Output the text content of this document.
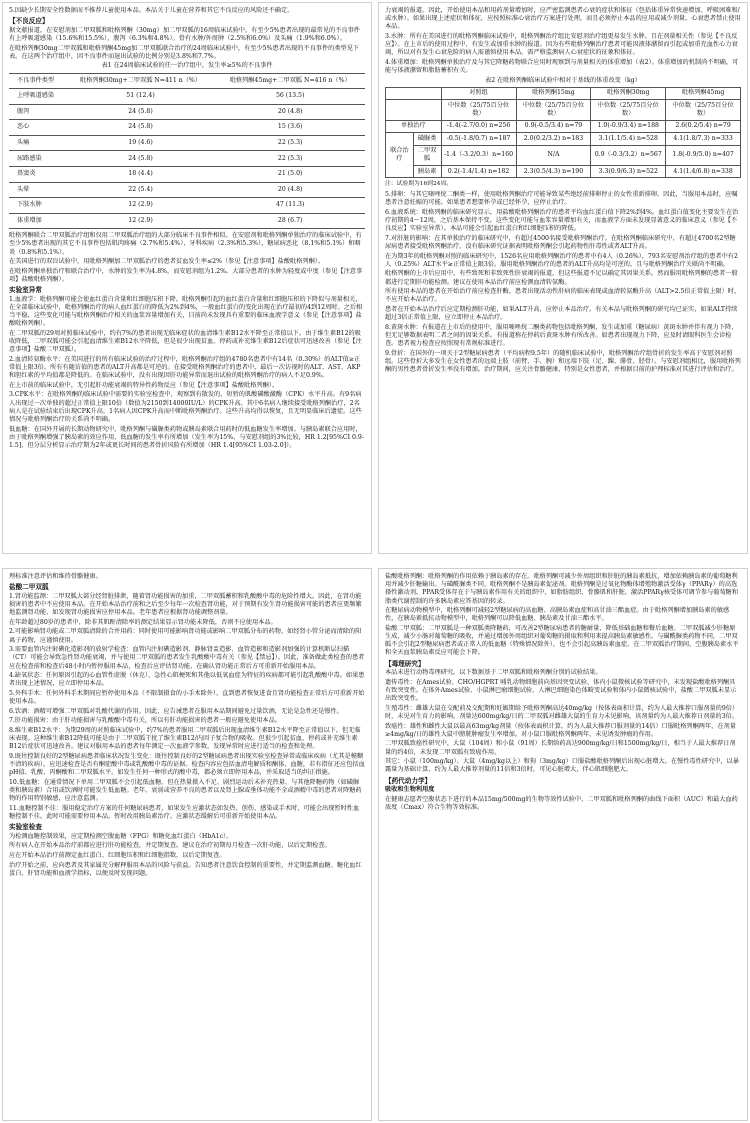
5.因缺少长期安全性数据而不推荐儿童使用本品。本品关于儿童在营养和其它不良反应的风险还不确定。

【不良反应】

据文献报道，在安慰剂加二甲双胍和吡格列酮（30mg）加二甲双胍的16周临床试验中，有至少5%患者出现的最常见的不良事件有上呼吸道感染（15.6%和15.5%），腹泻（6.3%和4.8%）。骨有水肿/外周肿（2.5%和6.0%）及头痛（1.9%和6.0%）。

在吡格列酮30mg二甲双胍和吡格列酮45mg加二甲双胍联合治疗的24周临床试验中，有至少5%患者出现的不良事件的类型见下表。在这两个治疗组中，因不良事件而退出试验的比例分别是3.8%和7.7%。

表1 在24周临床试验的任一治疗组中，发生率≥5%的不良事件

不良事件类型	吡格列酮30mg+二甲双胍 N=411 n（%）	吡格列酮45mg+二甲双胍 N=416 n（%）
上呼吸道感染	51 (12.4)	56 (13.5)
腹泻	24 (5.8)	20 (4.8)
恶心	24 (5.8)	15 (3.6)
头痛	19 (4.6)	22 (5.3)
尿路感染	24 (5.8)	22 (5.3)
鼻窦炎	18 (4.4)	21 (5.0)
头晕	22 (5.4)	20 (4.8)
下肢水肿	12 (2.9)	47 (11.3)
体重增加	12 (2.9)	28 (6.7)

吡格列酮联合二甲双胍治疗组和仅用二甲双胍治疗组的大部分临床不良事件相似。在安慰剂和吡格列酮单独治疗的临床试验中，有至少5%患者出现的其它不良事件包括肌肉疼痛（2.7%和5.4%），牙科疾病（2.3%和5.3%），糖尿病恶化（8.1%和5.1%）和咽炎（0.8%和5.1%）。

在美国进行的双盲试验中，用吡格列酮加二甲双胍治疗的患者贫血发生率≤2%（参见【注意事项】盐酸吡格列酮）。

在吡格列酮单独治疗和联合治疗中，水肿的发生率为4.8%，而安慰剂组为1.2%。大部分患者的水肿为轻度或中度（参见【注意事项】盐酸吡格列酮）。

实验室异常

1.血液学：吡格列酮可能会使血红蛋白含量和红细胞压积下降。吡格列酮引起的血红蛋白含量和红细胞压积的下降似与剂量相关，在全部临床试验中，吡格列酮治疗的病人血红蛋白的降低为2%到4%，一般血红蛋白的变化出现在治疗最初的4到12周时。之后相当平稳，这些变化可能与吡格列酮治疗相关的血浆容量增加有关，目前尚未发现具有重要的临床血液学意义（参见【注意事项】盐酸吡格列酮）。

在二甲双胍的29周对照临床试验中，约有7%的患者出现无临床症状的血清维生素B12水平降至正常值以下。由于维生素B12的吸收降低，二甲双胍可能会引起血清维生素B12水平降低，但是很少出现贫血。停药或补充维生素B12后症状可迅速改善（参见【注意事项】盐酸二甲双胍）。

2.血清转氨酶水平：在美国进行的所有临床试验的治疗过程中，吡格列酮治疗组的4780名患者中有14名（0.30%）的ALT值≥正常值上限3倍。所有有随访值的患者的ALT升高都是可逆的。在接受吡格列酮治疗的患者中，最后一次访视时的ALT、AST、AKP和胆红素的平均值都是降低的。在临床试验中，没有出现因肝功能异常而退出试验的吡格列酮治疗的病人不足0.9%。

在上市前的临床试验中，无引起肝功能衰竭的特异性药物反应（参见【注意事项】盐酸吡格列酮）。

3.CPK水平：在吡格列酮的临床试验中需要的实验室检查中，观察到有散发的、短暂的肌酸磷酸激酶（CPK）水平升高。有9名病人出现过一次单独的超过正常值上限10倍（数值为2150到14000IU/L）的CPK升高。其中6名病人继续接受吡格列酮治疗，2名病人是在试验结束后出现CPK升高，1名病人因CPK升高而中断吡格列酮治疗。这些升高均得以恢复，且无明显临床后遗症。这些情况与吡格列酮治疗的关系尚不明确。

低血糖：在国外开展的长期动物研究中，吡格列酮与磺脲类药物或胰岛素联合用药时的低血糖发生率增加。与胰岛素联合应用时，由于吡格列酮增强了胰岛素的效应作用，低血糖的发生率有所增加（发生率为15%，与安慰剂组的3%比较，HR 1.2[95%CI 0.9-1.5]，但分层分析显示治疗期为2年或更长时间的患者骨折风险有所增加（HR 1.4[95%CI 1.03-2.0]）。

力衰竭的报道。因此，开始使用本品和用药剂量增加时，应严密监测患者心衰的症状和体征（包括体重异常快速增加、呼吸困难和/或水肿）。如果出现上述症状和体征，应按照标准心衰治疗方案进行处理，而且必须停止本品的应用或减少剂量。心衰患者禁止使用本品。

3.水肿：所有在美国进行的吡格列酮临床试验中，吡格列酮治疗组比安慰剂治疗组更易发生水肿。且在剂量相关性（参见【不良反应】）。在上市后的使用过程中，有发生或加重水肿的报道。因为有些吡格列酮治疗患者可能因液体潴留而引起或加重充血性心力衰竭，所以对有发生心衰危险的病人需谨慎使用本品。需严格监测病人心衰症状的征象和体征。

4.体重增加：吡格列酮单独治疗及与其它降糖药物联合应用时观察到与剂量相关的体重增加（表2）。体重增加的机制尚不明确，可能与体液潴留和脂肪蓄积有关。

表2 在吡格列酮临床试验中相对于基线的体重改变（kg）

		对照组	吡格列酮15mg	吡格列酮30mg	吡格列酮45mg
		中位数（25/75百分位数）	中位数（25/75百分位数）	中位数（25/75百分位数）	中位数（25/75百分位数）
单独治疗		-1.4(-2.7/0.0) n=256	0.9(-0.5/3.4) n=79	1.0(-0.9/3.4) n=188	2.6(0.2/5.4) n=79
联合治疗	磺脲类	-0.5(-1.8/0.7) n=187	2.0(0.2/3.2) n=183	3.1(1.1/5.4) n=528	4.1(1.8/7.3) n=333
	二甲双胍	-1.4（-3.2/0.3）n=160	N/A	0.9（-0.3/3.2）n=567	1.8(-0.9/5.0) n=407
	胰岛素	0.2(-1.4/1.4) n=182	2.3(0.5/4.3) n=190	3.3(0.9/6.3) n=522	4.1(1.4/6.8) n=338

注：试验期为16到24周。

5.排卵：与其它噻唑烷二酮类一样，使用吡格列酮治疗可能导致某些绝经前排卵停止的女性重新排卵。因此，当服用本品时，应嘱患者注意妊娠的可能。如果患者想要怀孕或已经怀孕，应停止治疗。

6.血液系统：吡格列酮的临床研究显示，用盐酸吡格列酮治疗的患者平均血红蛋白值下降2%到4%。血红蛋白值变化主要发生在治疗初期的4～12周，之后基本保持不变。这些变化可能与血浆容量增加有关，而血液学方面未发现显著意义的临床意义（参见【不良反应】实验室异常）。本品可能会引起血红蛋白和红细胞压积的降低。

7.对肝脏的影响：在其单独治疗的临床研究中，有超过4500名接受吡格列酮治疗。在吡格列酮临床研究中，有超过4700名2型糖尿病患者接受吡格列酮治疗。没有临床研究证据表明吡格列酮会引起药物性肝毒性或者ALT升高。

在为期3年的吡格列酮对照的临床研究中，1526名应用吡格列酮治疗的患者中有4人（0.26%），793名安慰剂治疗组的患者中有2人（0.25%）ALT水平≥正常值上限3倍。服用吡格列酮治疗的患者的ALT升高均是可逆的，且与吡格列酮治疗关联尚不明确。

吡格列酮的上市后应用中，有些致死和非致死性肝衰竭的报道，但这些报道不足以确定其因果关系。然而服用吡格列酮的患者一般都进行定期肝功能检测。建议在使用本品治疗前应检测血清转氨酶。

所有使用本品的患者在开始治疗前应检查肝酶，患者出现活动性肝病的临床表现或血清转氨酶升高（ALT>2.5倍正常值上限）时，不应开始本品治疗。

患者在开始本品治疗后应定期检测肝功能，如果ALT升高，应停止本品治疗。有关本品与吡格列酮的研究均已证实，如果ALT持续超过3倍正常值上限，应立即停止本品治疗。

8.黄斑水肿：有报道在上市后的使用中，服用噻唑烷二酮类药物包括吡格列酮，发生或加重（糖尿病）黄斑水肿并伴有视力下降，但无足够数据表明二者之间的因果关系。有报道称在停药后黄斑水肿有所改善。如患者出现视力下降，应及时请眼科医生会诊检查。患者视力检查应按照现有常规标准进行。

9.骨折：在国外的一项关于2型糖尿病患者（平均病程9.5年）的随机临床试验中，吡格列酮治疗组骨折的发生率高于安慰剂对照组。这些骨折大多发生在女性患者的远端上肢（前臂、手、腕）和远端下肢（足、踝、腓骨、胫骨）。与安慰剂组相比，服用吡格列酮的男性患者骨折发生率没有增加。治疗期间，应关注骨骼健康，特别是女性患者，并根据目前的护理标准对其进行评估和治疗。

理标准注意评估和维持骨骼健康。

盐酸二甲双胍

1.肾功能监测：二甲双胍大部分经肾脏排泄，随着肾功能损害的加重，二甲双胍蓄积和乳酸酸中毒的危险性增大。因此，在肾功能损害的患者中不应使用本品。在开始本品治疗前和之后至少每年一次检查肾功能，对于预期有发生肾功能损害可能的患者应更频繁地监测肾功能，如发现肾功能损害应停用本品。老年患者应根据肾功能调整剂量。

在年龄超过80岁的患者中，除非其肌酐清除率的测定结果显示肾功能未降低，否则不应使用本品。

2.可能影响肾功能或二甲双胍清除的合并用药：同时使用可能影响肾功能或影响二甲双胍分布的药物，如经肾小管分泌而清除的阳离子药物，应谨慎使用。

3.需要血管内注射碘化造影剂的放射学检查：血管内注射碘造影剂，静脉肾盂造影、血管造影和造影剂加强的计算机断层扫描（CT）可能会导致急性肾功能衰竭，并与使用二甲双胍的患者发生乳酸酸中毒有关（参见【禁忌】）。因此，准备做此类检查的患者应在检查前和检查后48小时内暂停服用本品，检查后应评估肾功能，在确认肾功能正常后方可重新开始服用本品。

4.缺氧状态：任何原因引起的心血管性虚脱（休克）、急性心肌梗死和其他以低氧血症为特征的疾病都可能引起乳酸酸中毒。如果患者出现上述情况，应立即停用本品。

5.外科手术：任何外科手术期间应暂停使用本品（不限制摄食的小手术除外），直到患者恢复进食且肾功能检查正常后方可重新开始使用本品。

6.饮酒：酒精可增强二甲双胍对乳酸代谢的作用。因此，应告诫患者在服用本品期间避免过量饮酒，无论是急性还是慢性。

7.肝功能损害：由于肝功能损害与乳酸酸中毒有关，所以有肝功能损害的患者一般应避免使用本品。

8.维生素B12水平：为期29周的对照临床试验中，约7%的患者服用二甲双胍后出现血清维生素B12水平降至正常值以下，但无临床表现。这种维生素B12降低可能是由于二甲双胍干扰了维生素B12/内因子复合物的吸收。但很少引起贫血，停药或补充维生素B12后症状可迅速改善。建议对服用本品的患者每年测定一次血液学参数，发现异常时应进行适当的检查和处理。

9.既往控制良好的2型糖尿病患者临床状况发生变化：既往控制良好的2型糖尿病患者出现实验室检查异常或临床疾病（尤其是模糊不清的疾病），应迅速检查是否有酮症酸中毒或乳酸酸中毒的证据。检查内容应包括血清电解质和酮体、血糖，若有指征还应包括血pH值、乳酸、丙酮酸和二甲双胍水平。如发生任何一种形式的酸中毒，都必须立即停用本品，并采取适当的纠正措施。

10.低血糖：在通常情况下单用二甲双胍不会引起低血糖。但在热量摄入不足、剧烈运动后未补充热量、与其他降糖药物（如磺脲类和胰岛素）合用或饮酒时可能发生低血糖。老年、衰弱或营养不良的患者以及肾上腺或垂体功能不全或酒精中毒的患者对降糖药物的作用特别敏感，应注意监测。

11.血糖控制不佳：服用稳定治疗方案的任何糖尿病患者，如果发生应激状态如发热、创伤、感染或手术时，可能会出现暂时性血糖控制不佳。此时可能需要停用本品，暂时改用胰岛素治疗。应激状态缓解后可重新开始使用本品。

实验室检查

为检测血糖控制效果，应定期检测空腹血糖（FPG）和糖化血红蛋白（HbA1c）。

所有病人在开始本品治疗前都应进行肝功能检查，并定期复查。建议在治疗初期每月检查一次肝功能，以后定期检查。

应在开始本品治疗前测定血红蛋白、红细胞压积和红细胞指数，以后定期复查。

治疗开始之前，应向患者及其家属充分解释服用本品的风险与获益。告知患者注意饮食控制的重要性，并定期监测血糖、糖化血红蛋白、肝肾功能和血液学指标，以便及时发现问题。

盐酸吡格列酮：吡格列酮的作用依赖于胰岛素的存在。吡格列酮可减少外周组织和肝脏的胰岛素抵抗，增加依赖胰岛素的葡萄糖利用并减少肝糖输出。与磺酰脲类不同，吡格列酮不是胰岛素促泌剂。吡格列酮是过氧化物酶体增殖物激活受体γ（PPARγ）的高选择性激动剂。PPAR受体存在于与胰岛素作用有关的组织中，如脂肪组织、骨骼肌和肝脏。激活PPARγ核受体可调节参与葡萄糖和脂类代谢控制的许多胰岛素应答基因的转录。

在糖尿病动物模型中，吡格列酮可减轻2型糖尿病的高血糖、高胰岛素血症和高甘油三酯血症。由于吡格列酮增加胰岛素的敏感性，在胰岛素抵抗动物模型中，吡格列酮可以降低血糖、胰岛素及甘油三酯水平。

盐酸二甲双胍：二甲双胍是一种双胍类降糖药，可改善2型糖尿病患者的糖耐量，降低基础血糖和餐后血糖。二甲双胍减少肝糖原生成，减少小肠对葡萄糖的吸收，并通过增加外周组织对葡萄糖的摄取和利用来提高胰岛素敏感性。与磺酰脲类药物不同，二甲双胍不会引起2型糖尿病患者或正常人的低血糖（特殊情况除外），也不会引起高胰岛素血症。在二甲双胍治疗期间，空腹胰岛素水平和全天血浆胰岛素反应可能会下降。

【毒理研究】

本品未进行动物毒理研究。以下数据基于二甲双胍和吡格列酮分别的试验结果。

遗传毒性：在Ames试验、CHO/HGPRT 哺乳动物细胞前向基因突变试验、体内小鼠微核试验等研究中，未发现盐酸吡格列酮具有致突变性。在体外Ames试验、小鼠淋巴瘤细胞试验、人淋巴细胞染色体畸变试验和体内小鼠微核试验中，盐酸二甲双胍未显示出致突变性。

生殖毒性：雌雄大鼠在交配前及交配期和妊娠期给予吡格列酮高达40mg/kg（按体表面积计算，约为人最大推荐口服剂量的9倍）时，未见对生育力的影响。剂量达600mg/kg/日的二甲双胍对雌雄大鼠的生育力未见影响，该剂量约为人最大推荐日剂量的3倍。

致癌性：雄性和雌性大鼠以最高63mg/kg剂量（按体表面积计算，约为人最大推荐口服剂量的14倍）口服吡格列酮两年，在剂量≥4mg/kg/日的雄性大鼠中膀胱肿瘤发生率增加。对小鼠口服吡格列酮两年，未见诱发肿瘤的作用。

二甲双胍致癌性研究中，大鼠（104周）和小鼠（91周）长期给药高达900mg/kg/日和1500mg/kg/日，相当于人最大推荐日剂量的约4倍，未发现二甲双胍有致癌作用。

其它：小鼠（100mg/kg）、大鼠（4mg/kg以上）和狗（3mg/kg）口服盐酸吡格列酮后出现心脏增大。在慢性毒性研究中，以暴露量为基础计算，约为人最大推荐剂量的11倍和3倍时，可见心脏增大，伴心肌细胞肥大。

【药代动力学】

吸收和生物利用度

在健康志愿者空腹状态下进行的本品15mg/500mg的生物等效性试验中，二甲双胍和吡格列酮的曲线下面积（AUC）和最大血药浓度（Cmax）符合生物等效标准。
